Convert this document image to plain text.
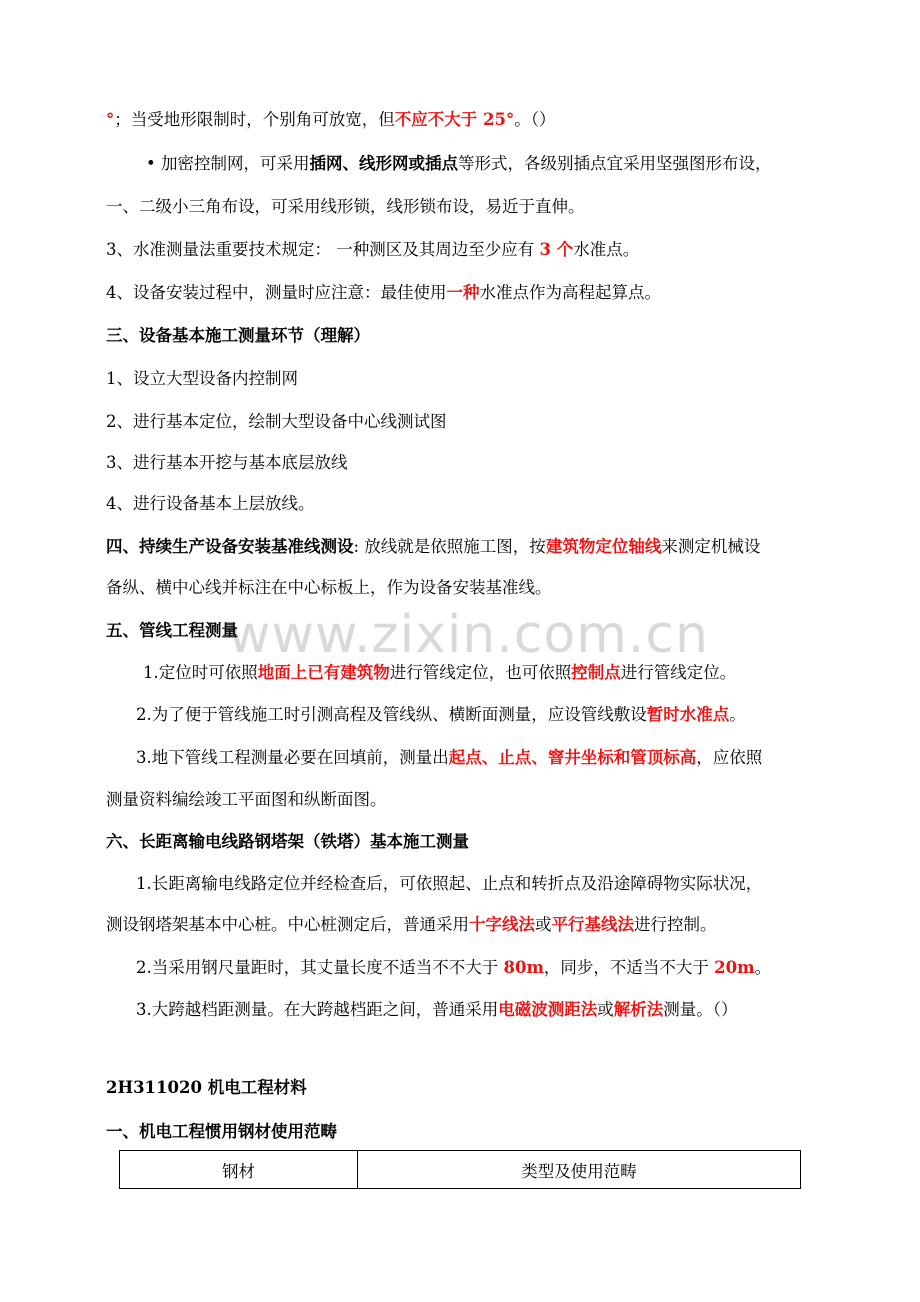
www.zixin.com.cn
°；当受地形限制时，个别角可放宽，但不应不大于 25°。（）
• 加密控制网，可采用插网、线形网或插点等形式，各级别插点宜采用坚强图形布设，
一、二级小三角布设，可采用线形锁，线形锁布设，易近于直伸。
3、水准测量法重要技术规定： 一种测区及其周边至少应有 3 个水准点。
4、设备安装过程中，测量时应注意：最佳使用一种水准点作为高程起算点。
三、设备基本施工测量环节（理解）
1、设立大型设备内控制网
2、进行基本定位，绘制大型设备中心线测试图
3、进行基本开挖与基本底层放线
4、进行设备基本上层放线。
四、持续生产设备安装基准线测设: 放线就是依照施工图，按建筑物定位轴线来测定机械设
备纵、横中心线并标注在中心标板上，作为设备安装基准线。
五、管线工程测量
1.定位时可依照地面上已有建筑物进行管线定位，也可依照控制点进行管线定位。
2.为了便于管线施工时引测高程及管线纵、横断面测量，应设管线敷设暂时水准点。
3.地下管线工程测量必要在回填前，测量出起点、止点、窨井坐标和管顶标高，应依照
测量资料编绘竣工平面图和纵断面图。
六、长距离输电线路钢塔架（铁塔）基本施工测量
1.长距离输电线路定位并经检查后，可依照起、止点和转折点及沿途障碍物实际状况，
测设钢塔架基本中心桩。中心桩测定后，普通采用十字线法或平行基线法进行控制。
2.当采用钢尺量距时，其丈量长度不适当不不大于 80m，同步，不适当不大于 20m。
3.大跨越档距测量。在大跨越档距之间，普通采用电磁波测距法或解析法测量。（）
2H311020 机电工程材料
一、机电工程惯用钢材使用范畴
钢材	类型及使用范畴
